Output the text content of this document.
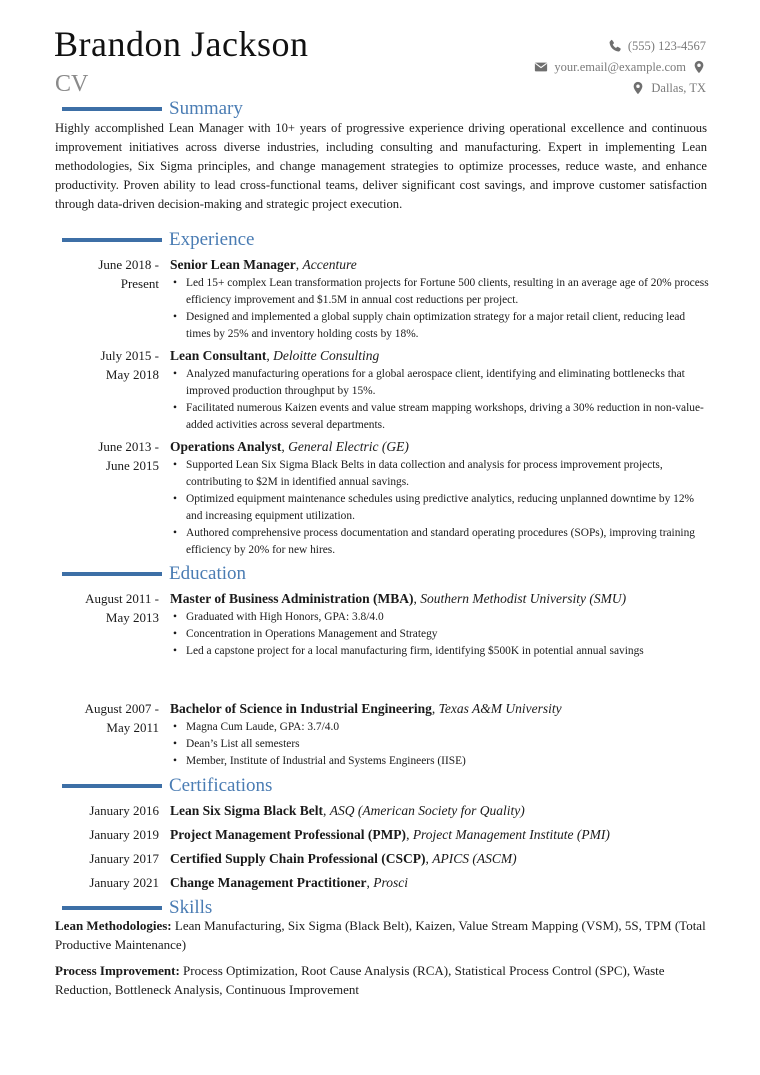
Brandon Jackson
CV
(555) 123-4567
your.email@example.com
Dallas, TX
Summary
Highly accomplished Lean Manager with 10+ years of progressive experience driving operational excellence and continuous improvement initiatives across diverse industries, including consulting and manufacturing. Expert in implementing Lean methodologies, Six Sigma principles, and change management strategies to optimize processes, reduce waste, and enhance productivity. Proven ability to lead cross-functional teams, deliver significant cost savings, and improve customer satisfaction through data-driven decision-making and strategic project execution.
Experience
June 2018 -
Present
Senior Lean Manager, Accenture
• Led 15+ complex Lean transformation projects for Fortune 500 clients, resulting in an average age of 20% process efficiency improvement and $1.5M in annual cost reductions per project.
• Designed and implemented a global supply chain optimization strategy for a major retail client, reducing lead times by 25% and inventory holding costs by 18%.
July 2015 -
May 2018
Lean Consultant, Deloitte Consulting
• Analyzed manufacturing operations for a global aerospace client, identifying and eliminating bottlenecks that improved production throughput by 15%.
• Facilitated numerous Kaizen events and value stream mapping workshops, driving a 30% reduction in non-value-added activities across several departments.
June 2013 -
June 2015
Operations Analyst, General Electric (GE)
• Supported Lean Six Sigma Black Belts in data collection and analysis for process improvement projects, contributing to $2M in identified annual savings.
• Optimized equipment maintenance schedules using predictive analytics, reducing unplanned downtime by 12% and increasing equipment utilization.
• Authored comprehensive process documentation and standard operating procedures (SOPs), improving training efficiency by 20% for new hires.
Education
August 2011 -
May 2013
Master of Business Administration (MBA), Southern Methodist University (SMU)
• Graduated with High Honors, GPA: 3.8/4.0
• Concentration in Operations Management and Strategy
• Led a capstone project for a local manufacturing firm, identifying $500K in potential annual savings
August 2007 -
May 2011
Bachelor of Science in Industrial Engineering, Texas A&M University
• Magna Cum Laude, GPA: 3.7/4.0
• Dean’s List all semesters
• Member, Institute of Industrial and Systems Engineers (IISE)
Certifications
January 2016 Lean Six Sigma Black Belt, ASQ (American Society for Quality)
January 2019 Project Management Professional (PMP), Project Management Institute (PMI)
January 2017 Certified Supply Chain Professional (CSCP), APICS (ASCM)
January 2021 Change Management Practitioner, Prosci
Skills
Lean Methodologies: Lean Manufacturing, Six Sigma (Black Belt), Kaizen, Value Stream Mapping (VSM), 5S, TPM (Total Productive Maintenance)
Process Improvement: Process Optimization, Root Cause Analysis (RCA), Statistical Process Control (SPC), Waste Reduction, Bottleneck Analysis, Continuous Improvement
